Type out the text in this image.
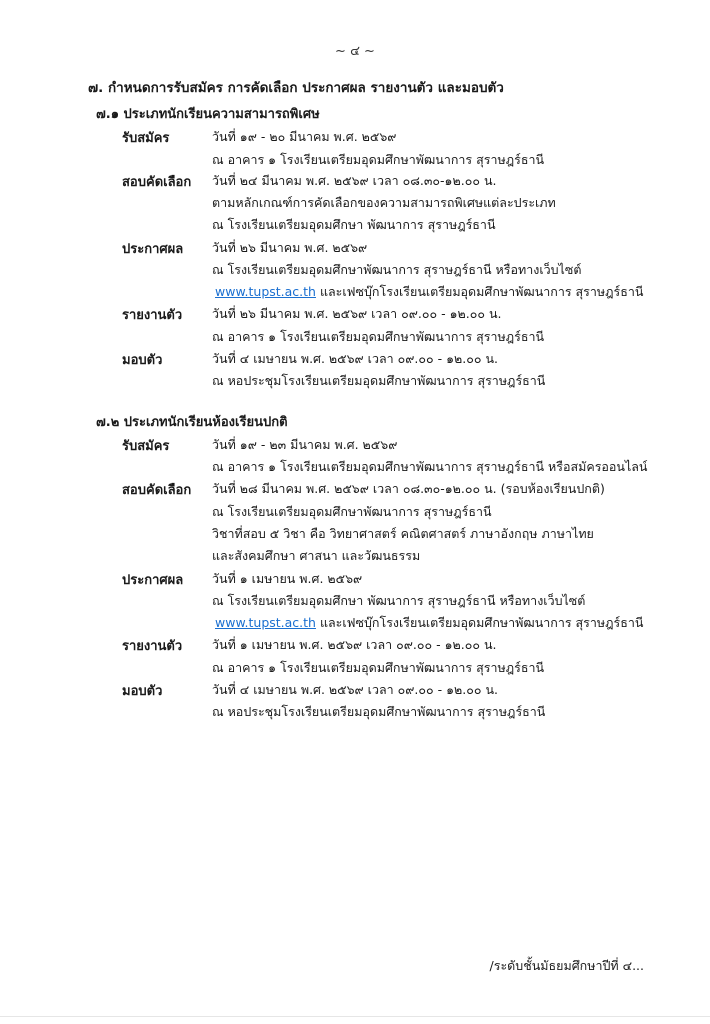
~ ๔ ~
๗. กำหนดการรับสมัคร การคัดเลือก ประกาศผล รายงานตัว และมอบตัว
๗.๑ ประเภทนักเรียนความสามารถพิเศษ
รับสมัคร	วันที่ ๑๙ - ๒๐ มีนาคม พ.ศ. ๒๕๖๙
ณ อาคาร ๑ โรงเรียนเตรียมอุดมศึกษาพัฒนาการ สุราษฎร์ธานี
สอบคัดเลือก วันที่ ๒๔ มีนาคม พ.ศ. ๒๕๖๙ เวลา ๐๘.๓๐-๑๒.๐๐ น.
ตามหลักเกณฑ์การคัดเลือกของความสามารถพิเศษแต่ละประเภท
ณ โรงเรียนเตรียมอุดมศึกษา พัฒนาการ สุราษฎร์ธานี
ประกาศผล วันที่ ๒๖ มีนาคม พ.ศ. ๒๕๖๙
ณ โรงเรียนเตรียมอุดมศึกษาพัฒนาการ สุราษฎร์ธานี หรือทางเว็บไซต์
www.tupst.ac.th และเฟซบุ๊กโรงเรียนเตรียมอุดมศึกษาพัฒนาการ สุราษฎร์ธานี
รายงานตัว วันที่ ๒๖ มีนาคม พ.ศ. ๒๕๖๙ เวลา ๐๙.๐๐ - ๑๒.๐๐ น.
ณ อาคาร ๑ โรงเรียนเตรียมอุดมศึกษาพัฒนาการ สุราษฎร์ธานี
มอบตัว	วันที่ ๔ เมษายน พ.ศ. ๒๕๖๙ เวลา ๐๙.๐๐ - ๑๒.๐๐ น.
ณ หอประชุมโรงเรียนเตรียมอุดมศึกษาพัฒนาการ สุราษฎร์ธานี
๗.๒ ประเภทนักเรียนห้องเรียนปกติ
รับสมัคร	วันที่ ๑๙ - ๒๓ มีนาคม พ.ศ. ๒๕๖๙
ณ อาคาร ๑ โรงเรียนเตรียมอุดมศึกษาพัฒนาการ สุราษฎร์ธานี หรือสมัครออนไลน์
สอบคัดเลือก วันที่ ๒๘ มีนาคม พ.ศ. ๒๕๖๙ เวลา ๐๘.๓๐-๑๒.๐๐ น. (รอบห้องเรียนปกติ)
ณ โรงเรียนเตรียมอุดมศึกษาพัฒนาการ สุราษฎร์ธานี
วิชาที่สอบ ๕ วิชา คือ วิทยาศาสตร์ คณิตศาสตร์ ภาษาอังกฤษ ภาษาไทย
และสังคมศึกษา ศาสนา และวัฒนธรรม
ประกาศผล วันที่ ๑ เมษายน พ.ศ. ๒๕๖๙
ณ โรงเรียนเตรียมอุดมศึกษา พัฒนาการ สุราษฎร์ธานี หรือทางเว็บไซต์
www.tupst.ac.th และเฟซบุ๊กโรงเรียนเตรียมอุดมศึกษาพัฒนาการ สุราษฎร์ธานี
รายงานตัว วันที่ ๑ เมษายน พ.ศ. ๒๕๖๙ เวลา ๐๙.๐๐ - ๑๒.๐๐ น.
ณ อาคาร ๑ โรงเรียนเตรียมอุดมศึกษาพัฒนาการ สุราษฎร์ธานี
มอบตัว	วันที่ ๔ เมษายน พ.ศ. ๒๕๖๙ เวลา ๐๙.๐๐ - ๑๒.๐๐ น.
ณ หอประชุมโรงเรียนเตรียมอุดมศึกษาพัฒนาการ สุราษฎร์ธานี
/ระดับชั้นมัธยมศึกษาปีที่ ๔...
